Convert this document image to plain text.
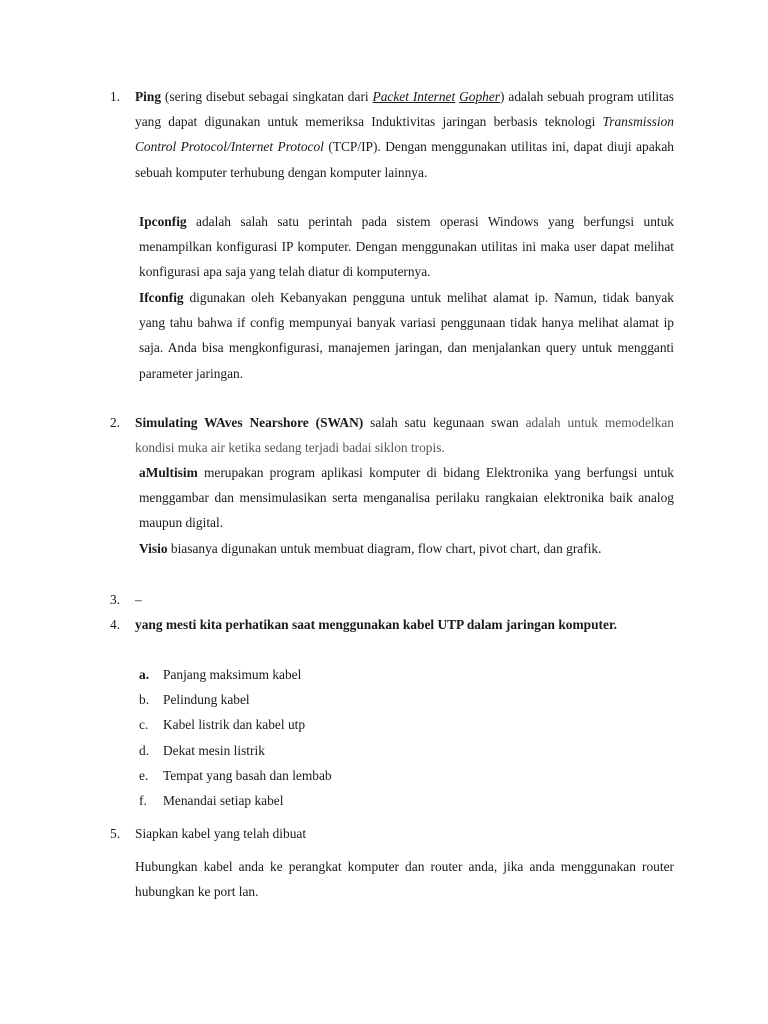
1. Ping (sering disebut sebagai singkatan dari Packet Internet Gopher) adalah sebuah program utilitas yang dapat digunakan untuk memeriksa Induktivitas jaringan berbasis teknologi Transmission Control Protocol/Internet Protocol (TCP/IP). Dengan menggunakan utilitas ini, dapat diuji apakah sebuah komputer terhubung dengan komputer lainnya.

Ipconfig adalah salah satu perintah pada sistem operasi Windows yang berfungsi untuk menampilkan konfigurasi IP komputer. Dengan menggunakan utilitas ini maka user dapat melihat konfigurasi apa saja yang telah diatur di komputernya.

Ifconfig digunakan oleh Kebanyakan pengguna untuk melihat alamat ip. Namun, tidak banyak yang tahu bahwa if config mempunyai banyak variasi penggunaan tidak hanya melihat alamat ip saja. Anda bisa mengkonfigurasi, manajemen jaringan, dan menjalankan query untuk mengganti parameter jaringan.

2. Simulating WAves Nearshore (SWAN) salah satu kegunaan swan adalah untuk memodelkan kondisi muka air ketika sedang terjadi badai siklon tropis.

aMultisim merupakan program aplikasi komputer di bidang Elektronika yang berfungsi untuk menggambar dan mensimulasikan serta menganalisa perilaku rangkaian elektronika baik analog maupun digital.

Visio biasanya digunakan untuk membuat diagram, flow chart, pivot chart, dan grafik.

3. –

4. yang mesti kita perhatikan saat menggunakan kabel UTP dalam jaringan komputer.

a. Panjang maksimum kabel
b. Pelindung kabel
c. Kabel listrik dan kabel utp
d. Dekat mesin listrik
e. Tempat yang basah dan lembab
f. Menandai setiap kabel
5. Siapkan kabel yang telah dibuat

Hubungkan kabel anda ke perangkat komputer dan router anda, jika anda menggunakan router hubungkan ke port lan.
